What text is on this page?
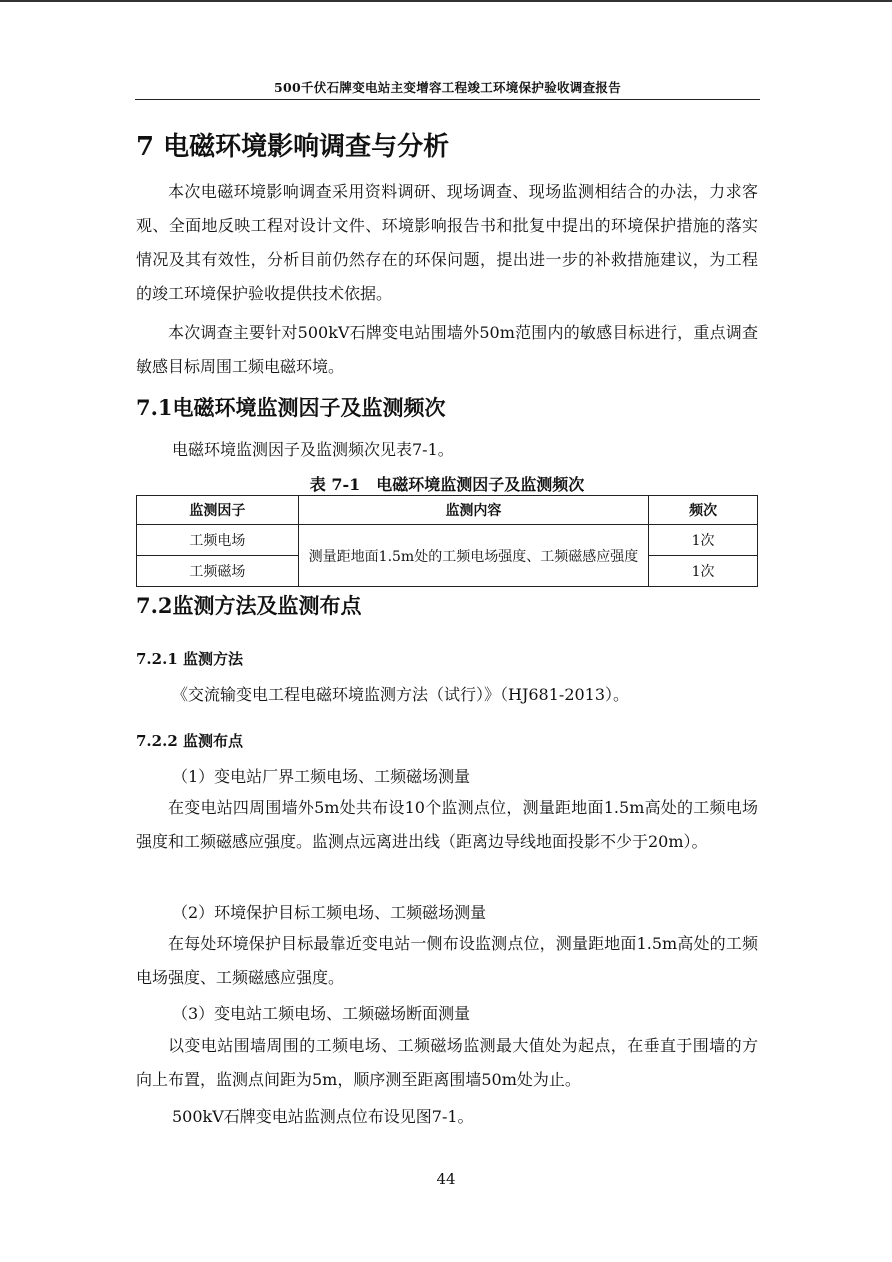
500千伏石牌变电站主变增容工程竣工环境保护验收调查报告
7 电磁环境影响调查与分析
本次电磁环境影响调查采用资料调研、现场调查、现场监测相结合的办法，力求客观、全面地反映工程对设计文件、环境影响报告书和批复中提出的环境保护措施的落实情况及其有效性，分析目前仍然存在的环保问题，提出进一步的补救措施建议，为工程的竣工环境保护验收提供技术依据。
本次调查主要针对500kV石牌变电站围墙外50m范围内的敏感目标进行，重点调查敏感目标周围工频电磁环境。
7.1电磁环境监测因子及监测频次
电磁环境监测因子及监测频次见表7-1。
表 7-1　电磁环境监测因子及监测频次
监测因子	监测内容	频次
工频电场	测量距地面1.5m处的工频电场强度、工频磁感应强度	1次
工频磁场		1次
7.2监测方法及监测布点
7.2.1 监测方法
《交流输变电工程电磁环境监测方法（试行）》（HJ681-2013）。
7.2.2 监测布点
（1）变电站厂界工频电场、工频磁场测量
在变电站四周围墙外5m处共布设10个监测点位，测量距地面1.5m高处的工频电场强度和工频磁感应强度。监测点远离进出线（距离边导线地面投影不少于20m）。
（2）环境保护目标工频电场、工频磁场测量
在每处环境保护目标最靠近变电站一侧布设监测点位，测量距地面1.5m高处的工频电场强度、工频磁感应强度。
（3）变电站工频电场、工频磁场断面测量
以变电站围墙周围的工频电场、工频磁场监测最大值处为起点，在垂直于围墙的方向上布置，监测点间距为5m，顺序测至距离围墙50m处为止。
500kV石牌变电站监测点位布设见图7-1。
44
